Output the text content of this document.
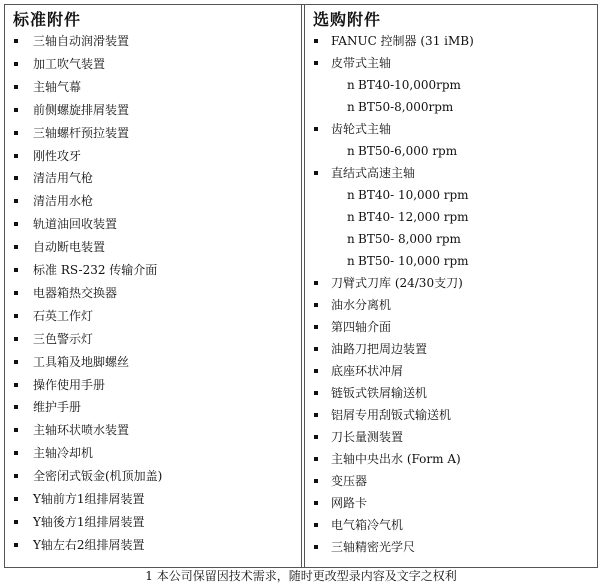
标准附件
三轴自动润滑装置
加工吹气装置
主轴气幕
前侧螺旋排屑装置
三轴螺杆预拉装置
刚性攻牙
清洁用气枪
清洁用水枪
轨道油回收装置
自动断电装置
标准 RS-232 传输介面
电器箱热交换器
石英工作灯
三色警示灯
工具箱及地脚螺丝
操作使用手册
维护手册
主轴环状喷水装置
主轴冷却机
全密闭式钣金(机顶加盖)
Y轴前方1组排屑装置
Y轴後方1组排屑装置
Y轴左右2组排屑装置
选购附件
FANUC 控制器 (31 iMB)
皮带式主轴
n BT40-10,000rpm
n BT50-8,000rpm
齿轮式主轴
n BT50-6,000 rpm
直结式高速主轴
n BT40- 10,000 rpm
n BT40- 12,000 rpm
n BT50- 8,000 rpm
n BT50- 10,000 rpm
刀臂式刀库 (24/30支刀)
油水分离机
第四轴介面
油路刀把周边装置
底座环状冲屑
链钣式铁屑输送机
铝屑专用刮钣式输送机
刀长量测装置
主轴中央出水 (Form A)
变压器
网路卡
电气箱冷气机
三轴精密光学尺
1 本公司保留因技术需求，随时更改型录内容及文字之权利
